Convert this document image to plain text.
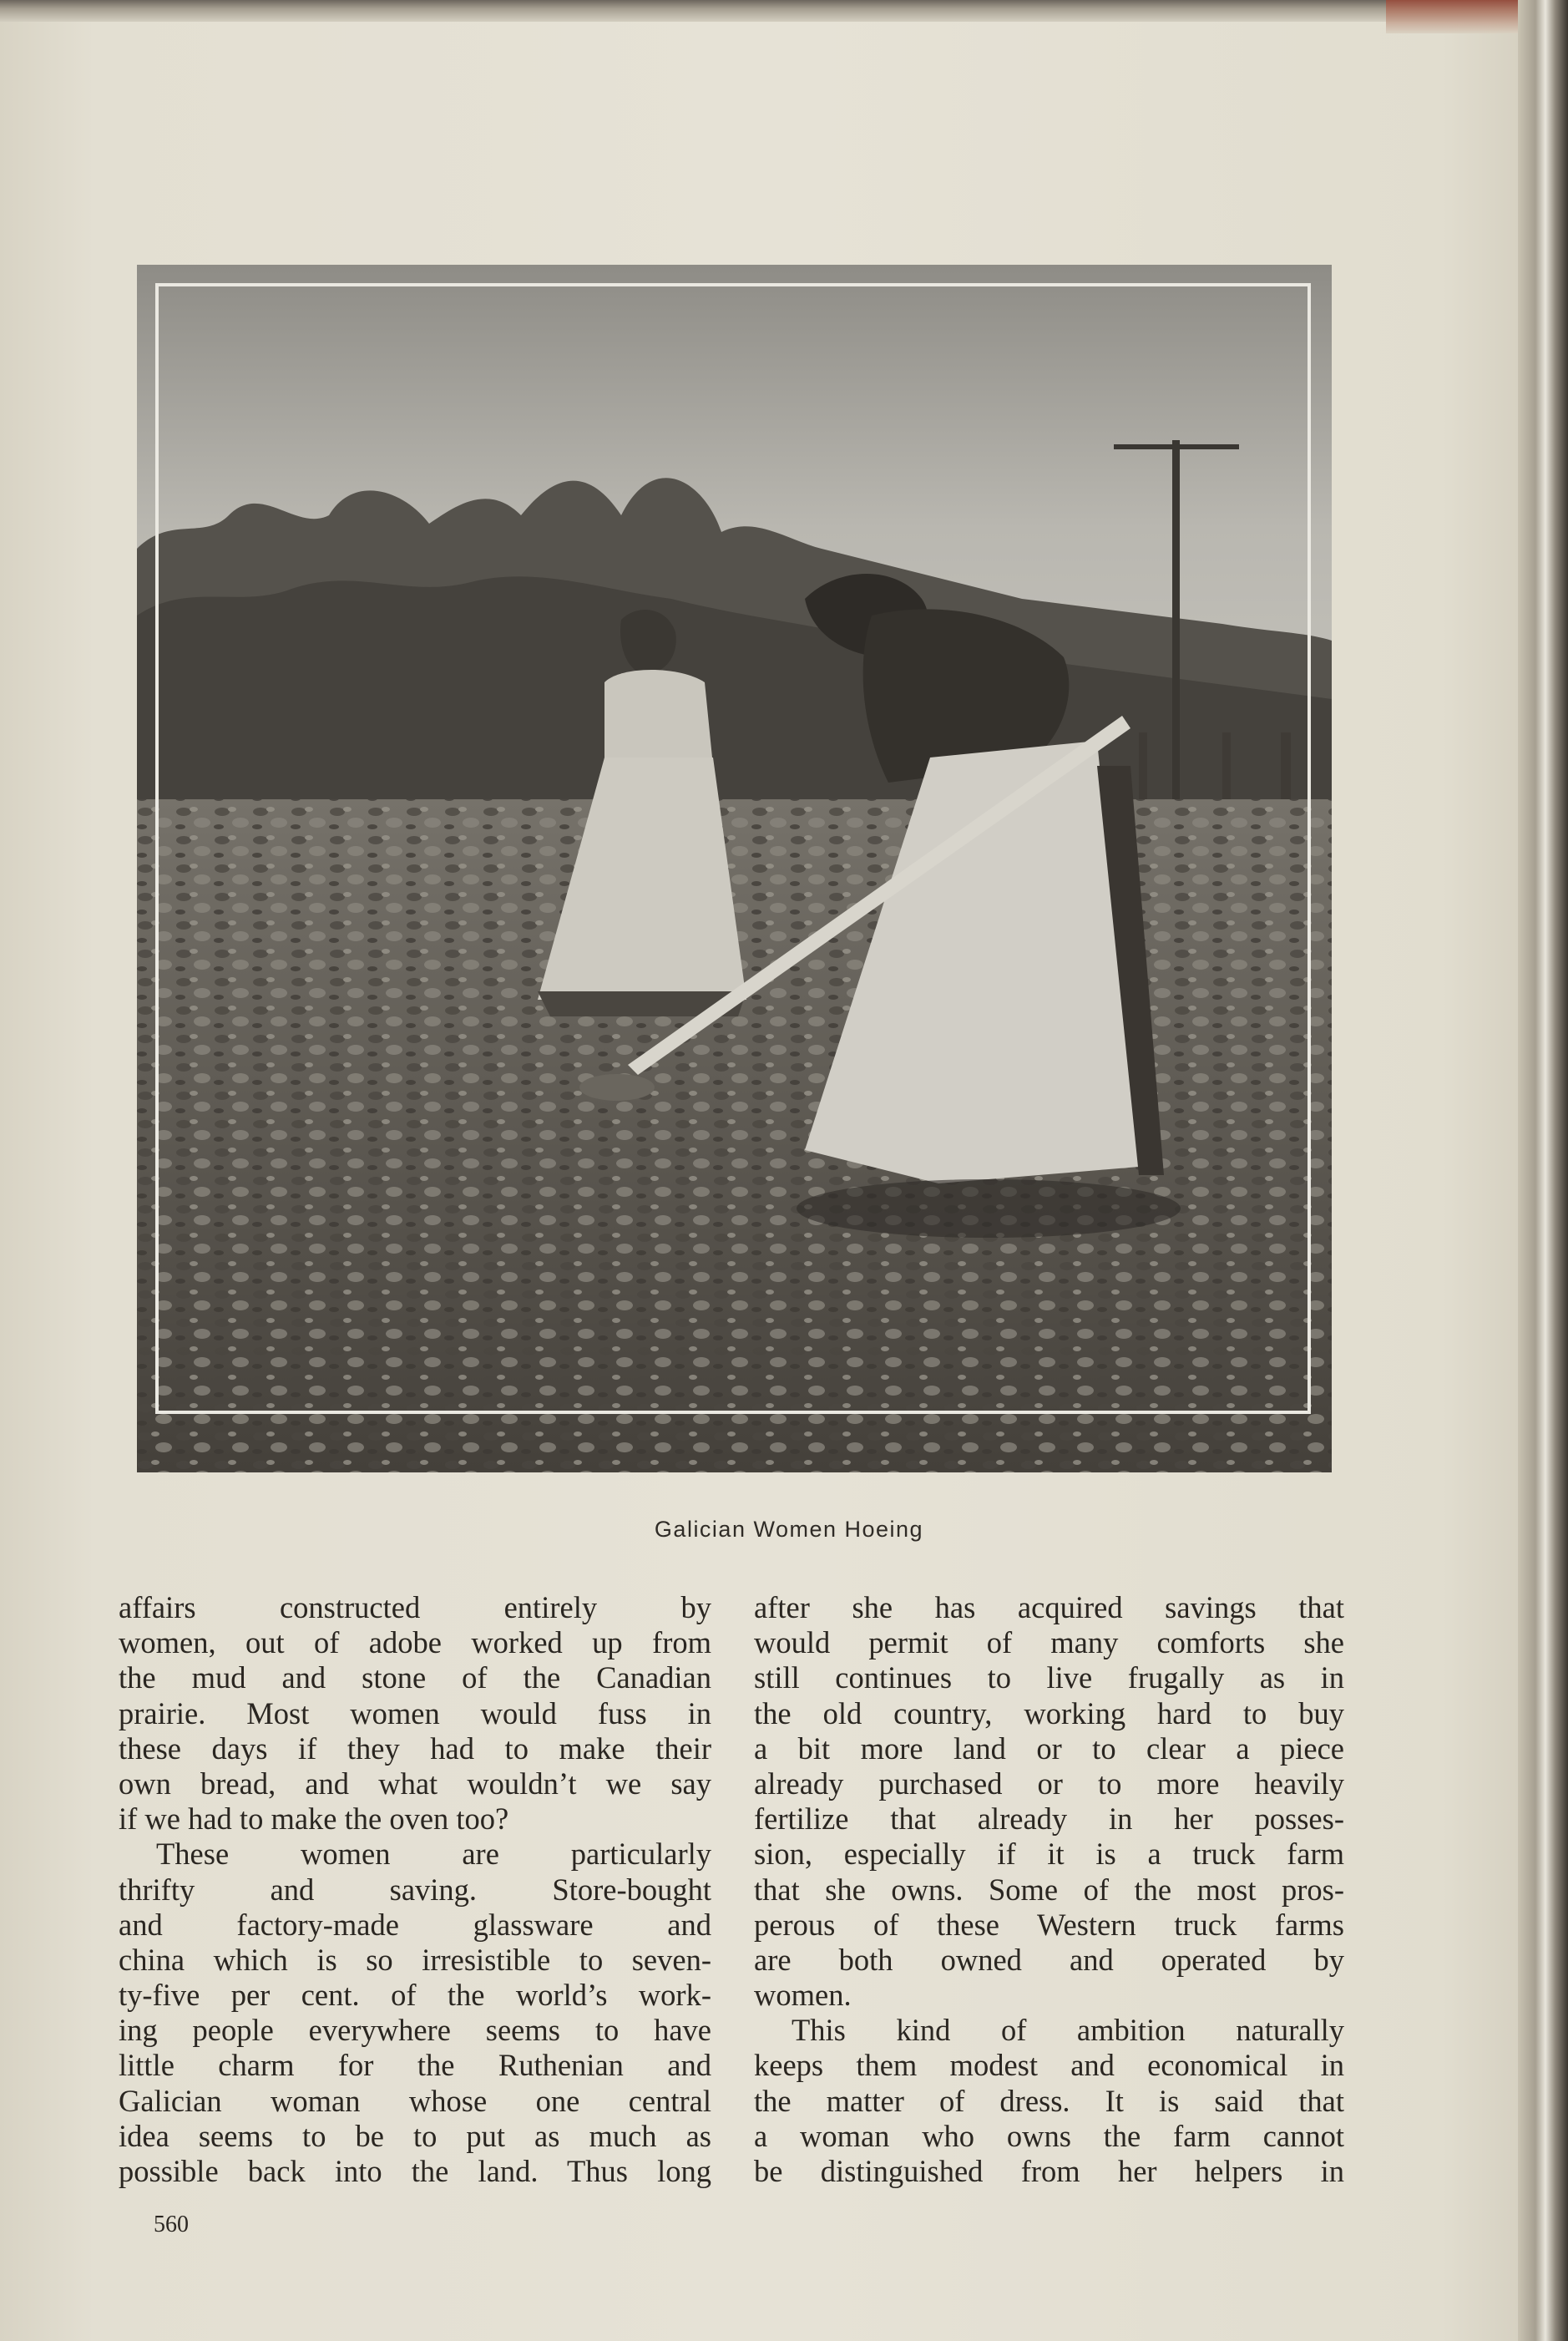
Galician Women Hoeing
affairs constructed entirely by
women, out of adobe worked up from
the mud and stone of the Canadian
prairie. Most women would fuss in
these days if they had to make their
own bread, and what wouldn’t we say
if we had to make the oven too?
These women are particularly
thrifty and saving. Store-bought
and factory-made glassware and
china which is so irresistible to seven-
ty-five per cent. of the world’s work-
ing people everywhere seems to have
little charm for the Ruthenian and
Galician woman whose one central
idea seems to be to put as much as
possible back into the land. Thus long
after she has acquired savings that
would permit of many comforts she
still continues to live frugally as in
the old country, working hard to buy
a bit more land or to clear a piece
already purchased or to more heavily
fertilize that already in her posses-
sion, especially if it is a truck farm
that she owns. Some of the most pros-
perous of these Western truck farms
are both owned and operated by
women.
This kind of ambition naturally
keeps them modest and economical in
the matter of dress. It is said that
a woman who owns the farm cannot
be distinguished from her helpers in
560
